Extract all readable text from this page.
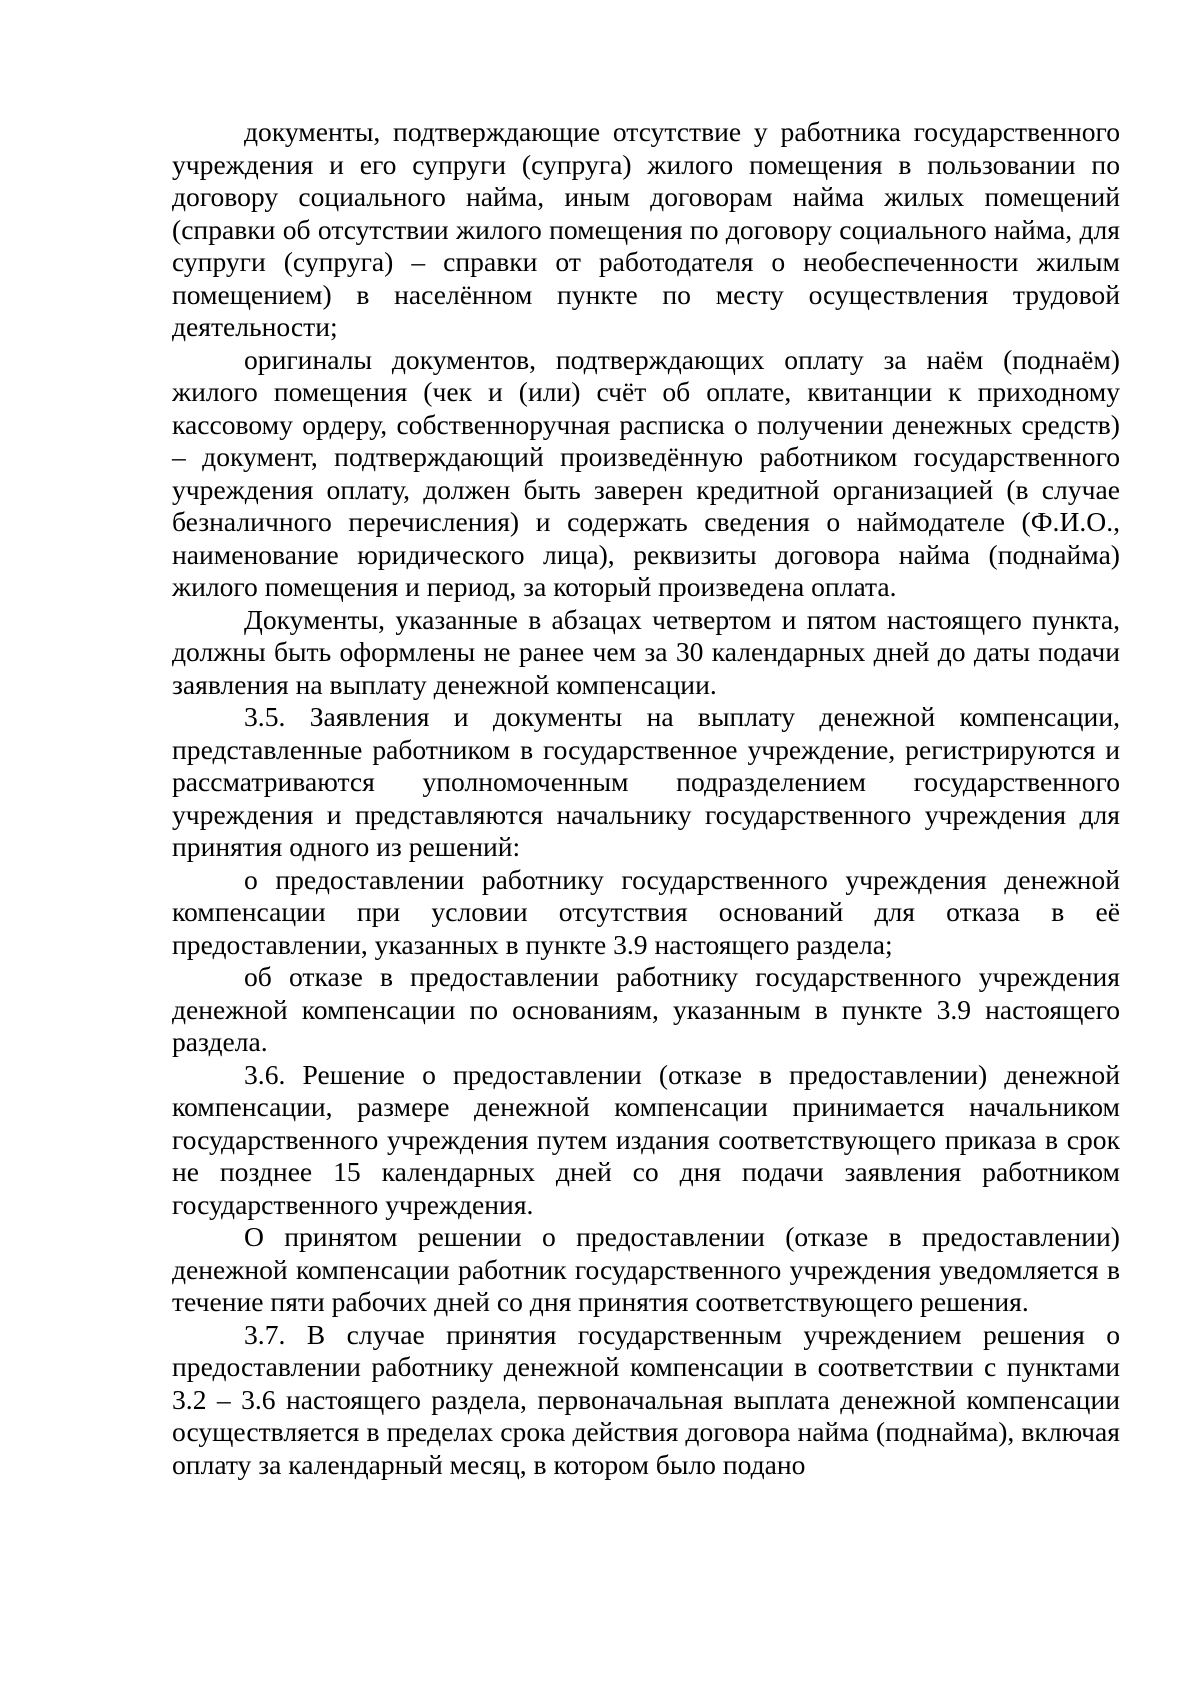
документы, подтверждающие отсутствие у работника государственного учреждения и его супруги (супруга) жилого помещения в пользовании по договору социального найма, иным договорам найма жилых помещений (справки об отсутствии жилого помещения по договору социального найма, для супруги (супруга) – справки от работодателя о необеспеченности жилым помещением) в населённом пункте по месту осуществления трудовой деятельности;

оригиналы документов, подтверждающих оплату за наём (поднаём) жилого помещения (чек и (или) счёт об оплате, квитанции к приходному кассовому ордеру, собственноручная расписка о получении денежных средств) – документ, подтверждающий произведённую работником государственного учреждения оплату, должен быть заверен кредитной организацией (в случае безналичного перечисления) и содержать сведения о наймодателе (Ф.И.О., наименование юридического лица), реквизиты договора найма (поднайма) жилого помещения и период, за который произведена оплата.

Документы, указанные в абзацах четвертом и пятом настоящего пункта, должны быть оформлены не ранее чем за 30 календарных дней до даты подачи заявления на выплату денежной компенсации.

3.5. Заявления и документы на выплату денежной компенсации, представленные работником в государственное учреждение, регистрируются и рассматриваются уполномоченным подразделением государственного учреждения и представляются начальнику государственного учреждения для принятия одного из решений:

о предоставлении работнику государственного учреждения денежной компенсации при условии отсутствия оснований для отказа в её предоставлении, указанных в пункте 3.9 настоящего раздела;

об отказе в предоставлении работнику государственного учреждения денежной компенсации по основаниям, указанным в пункте 3.9 настоящего раздела.

3.6. Решение о предоставлении (отказе в предоставлении) денежной компенсации, размере денежной компенсации принимается начальником государственного учреждения путем издания соответствующего приказа в срок не позднее 15 календарных дней со дня подачи заявления работником государственного учреждения.

О принятом решении о предоставлении (отказе в предоставлении) денежной компенсации работник государственного учреждения уведомляется в течение пяти рабочих дней со дня принятия соответствующего решения.

3.7. В случае принятия государственным учреждением решения о предоставлении работнику денежной компенсации в соответствии с пунктами 3.2 – 3.6 настоящего раздела, первоначальная выплата денежной компенсации осуществляется в пределах срока действия договора найма (поднайма), включая оплату за календарный месяц, в котором было подано
